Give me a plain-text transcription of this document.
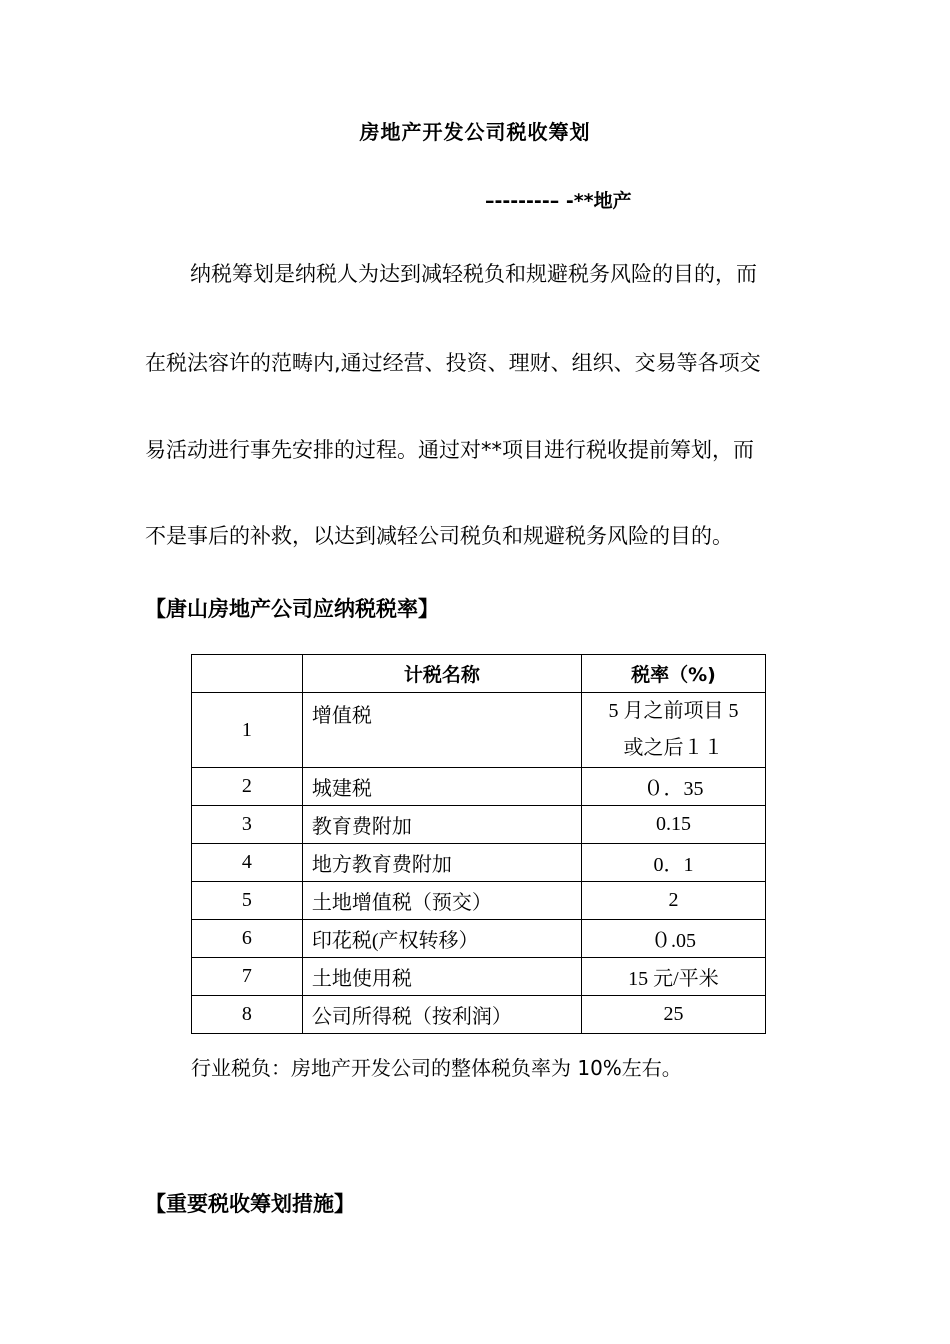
房地产开发公司税收筹划
–-------– -**地产
纳税筹划是纳税人为达到减轻税负和规避税务风险的目的，而
在税法容许的范畴内,通过经营、投资、理财、组织、交易等各项交
易活动进行事先安排的过程。通过对**项目进行税收提前筹划，而
不是事后的补救，以达到减轻公司税负和规避税务风险的目的。
【唐山房地产公司应纳税税率】
	计税名称	税率（%)
1	增值税	5 月之前项目 5
或之后１１

2	城建税	０．35
3	教育费附加	0.15
4	地方教育费附加	0．1
5	土地增值税（预交）	2
6	印花税(产权转移）	０.05
7	土地使用税	15 元/平米
8	公司所得税（按利润）	25
行业税负：房地产开发公司的整体税负率为 10%左右。
【重要税收筹划措施】
